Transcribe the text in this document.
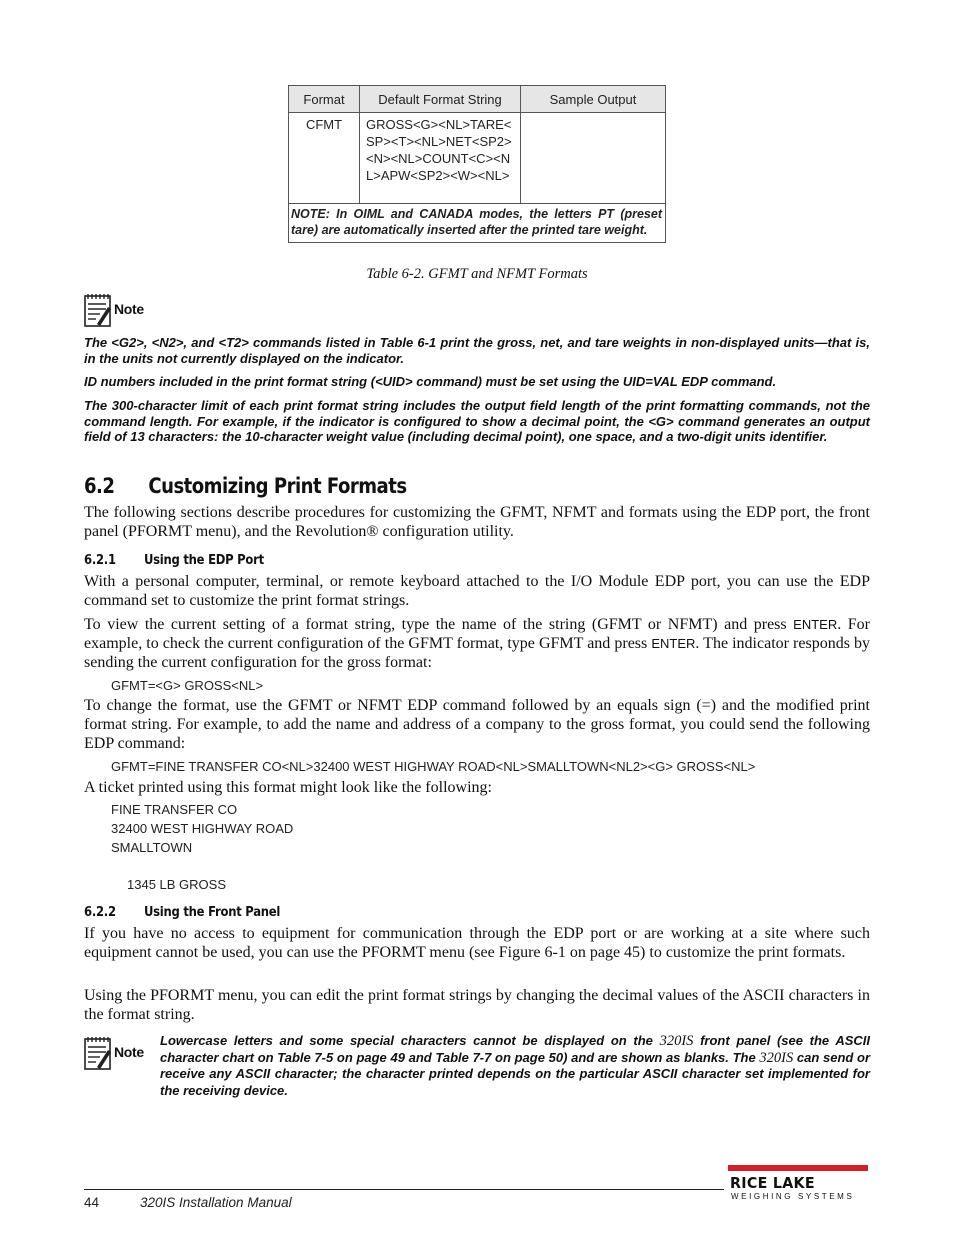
Format	Default Format String	Sample Output
CFMT	GROSS<G><NL>TARE<SP><T><NL>NET<SP2><N><NL>COUNT<C><NL>APW<SP2><W><NL>	
NOTE: In OIML and CANADA modes, the letters PT (preset tare) are automatically inserted after the printed tare weight.		
Table 6-2. GFMT and NFMT Formats
Note

The <G2>, <N2>, and <T2> commands listed in Table 6-1 print the gross, net, and tare weights in non-displayed units—that is, in the units not currently displayed on the indicator.

ID numbers included in the print format string (<UID> command) must be set using the UID=VAL EDP command.

The 300-character limit of each print format string includes the output field length of the print formatting commands, not the command length. For example, if the indicator is configured to show a decimal point, the <G> command generates an output field of 13 characters: the 10-character weight value (including decimal point), one space, and a two-digit units identifier.

6.2 Customizing Print Formats

The following sections describe procedures for customizing the GFMT, NFMT and formats using the EDP port, the front panel (PFORMT menu), and the Revolution® configuration utility.

6.2.1 Using the EDP Port

With a personal computer, terminal, or remote keyboard attached to the I/O Module EDP port, you can use the EDP command set to customize the print format strings.

To view the current setting of a format string, type the name of the string (GFMT or NFMT) and press ENTER. For example, to check the current configuration of the GFMT format, type GFMT and press ENTER. The indicator responds by sending the current configuration for the gross format:

GFMT=<G> GROSS<NL>

To change the format, use the GFMT or NFMT EDP command followed by an equals sign (=) and the modified print format string. For example, to add the name and address of a company to the gross format, you could send the following EDP command:

GFMT=FINE TRANSFER CO<NL>32400 WEST HIGHWAY ROAD<NL>SMALLTOWN<NL2><G> GROSS<NL>

A ticket printed using this format might look like the following:

FINE TRANSFER CO
32400 WEST HIGHWAY ROAD
SMALLTOWN
1345 LB GROSS
6.2.2 Using the Front Panel

If you have no access to equipment for communication through the EDP port or are working at a site where such equipment cannot be used, you can use the PFORMT menu (see Figure 6-1 on page 45) to customize the print formats.

Using the PFORMT menu, you can edit the print format strings by changing the decimal values of the ASCII characters in the format string.

Note

Lowercase letters and some special characters cannot be displayed on the 320IS front panel (see the ASCII character chart on Table 7-5 on page 49 and Table 7-7 on page 50) and are shown as blanks. The 320IS can send or receive any ASCII character; the character printed depends on the particular ASCII character set implemented for the receiving device.

44	320IS Installation Manual
RICE LAKE
WEIGHING SYSTEMS
